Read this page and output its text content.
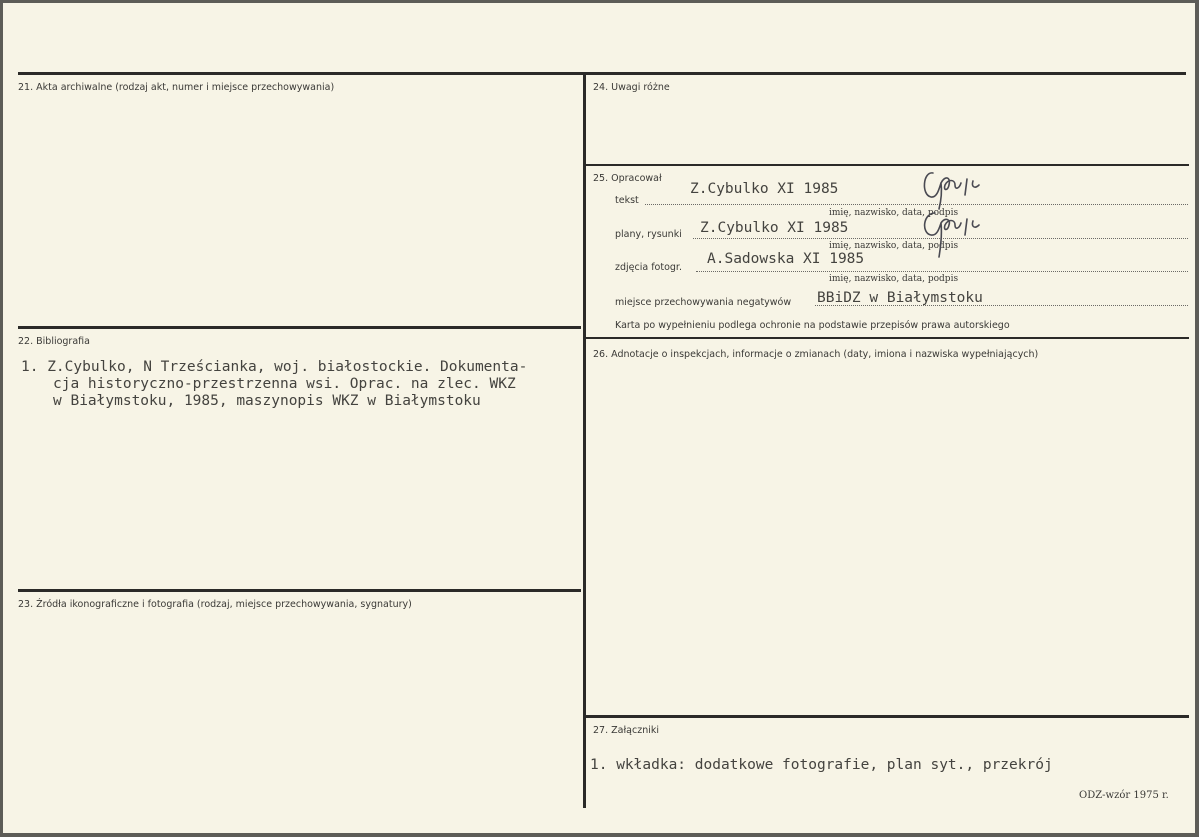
21. Akta archiwalne (rodzaj akt, numer i miejsce przechowywania)
22. Bibliografia
1. Z.Cybulko, N Trześcianka, woj. białostockie. Dokumenta-
cja historyczno-przestrzenna wsi. Oprac. na zlec. WKZ
w Białymstoku, 1985, maszynopis WKZ w Białymstoku
23. Źródła ikonograficzne i fotografia (rodzaj, miejsce przechowywania, sygnatury)
24. Uwagi różne
25. Opracował
tekst
Z.Cybulko XI 1985
imię, nazwisko, data, podpis
plany, rysunki Z.Cybulko XI 1985
imię, nazwisko, data, podpis
zdjęcia fotogr.
A.Sadowska XI 1985
imię, nazwisko, data, podpis
miejsce przechowywania negatywów BBiDZ w Białymstoku
Karta po wypełnieniu podlega ochronie na podstawie przepisów prawa autorskiego
26. Adnotacje o inspekcjach, informacje o zmianach (daty, imiona i nazwiska wypełniających)
27. Załączniki
1. wkładka: dodatkowe fotografie, plan syt., przekrój
ODZ-wzór 1975 r.
